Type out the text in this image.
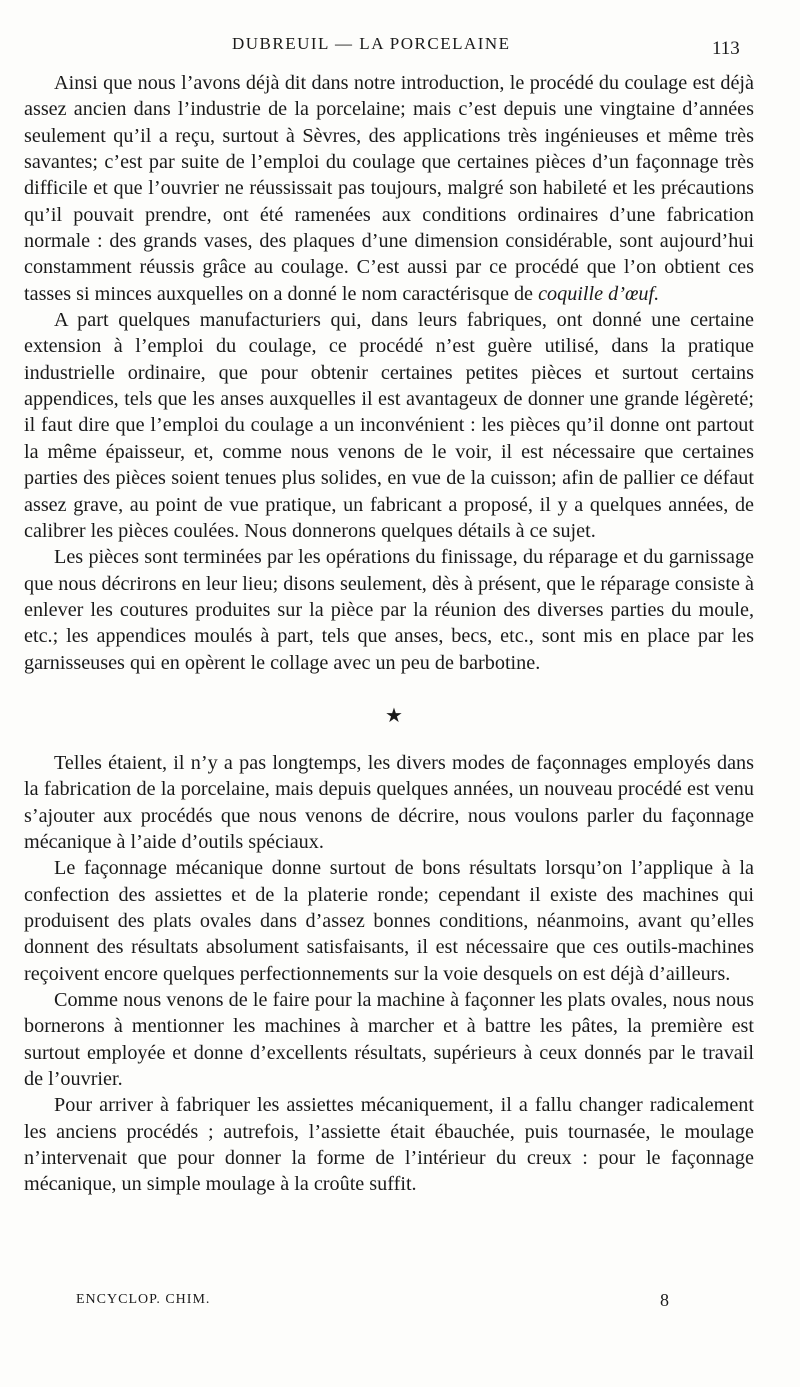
DUBREUIL — LA PORCELAINE	113

Ainsi que nous l’avons déjà dit dans notre introduction, le procédé du coulage est déjà assez ancien dans l’industrie de la porcelaine; mais c’est depuis une vingtaine d’années seulement qu’il a reçu, surtout à Sèvres, des applications très ingénieuses et même très savantes; c’est par suite de l’emploi du coulage que certaines pièces d’un façonnage très difficile et que l’ouvrier ne réussissait pas toujours, malgré son habileté et les précautions qu’il pouvait prendre, ont été ramenées aux conditions ordinaires d’une fabrication normale : des grands vases, des plaques d’une dimension considérable, sont aujourd’hui constamment réussis grâce au coulage. C’est aussi par ce procédé que l’on obtient ces tasses si minces auxquelles on a donné le nom caractérisque de coquille d’œuf.

A part quelques manufacturiers qui, dans leurs fabriques, ont donné une certaine extension à l’emploi du coulage, ce procédé n’est guère utilisé, dans la pratique industrielle ordinaire, que pour obtenir certaines petites pièces et surtout certains appendices, tels que les anses auxquelles il est avantageux de donner une grande légèreté; il faut dire que l’emploi du coulage a un inconvénient : les pièces qu’il donne ont partout la même épaisseur, et, comme nous venons de le voir, il est nécessaire que certaines parties des pièces soient tenues plus solides, en vue de la cuisson; afin de pallier ce défaut assez grave, au point de vue pratique, un fabricant a proposé, il y a quelques années, de calibrer les pièces coulées. Nous donnerons quelques détails à ce sujet.

Les pièces sont terminées par les opérations du finissage, du réparage et du garnissage que nous décrirons en leur lieu; disons seulement, dès à présent, que le réparage consiste à enlever les coutures produites sur la pièce par la réunion des diverses parties du moule, etc.; les appendices moulés à part, tels que anses, becs, etc., sont mis en place par les garnisseuses qui en opèrent le collage avec un peu de barbotine.

★

Telles étaient, il n’y a pas longtemps, les divers modes de façonnages employés dans la fabrication de la porcelaine, mais depuis quelques années, un nouveau procédé est venu s’ajouter aux procédés que nous venons de décrire, nous voulons parler du façonnage mécanique à l’aide d’outils spéciaux.

Le façonnage mécanique donne surtout de bons résultats lorsqu’on l’applique à la confection des assiettes et de la platerie ronde; cependant il existe des machines qui produisent des plats ovales dans d’assez bonnes conditions, néanmoins, avant qu’elles donnent des résultats absolument satisfaisants, il est nécessaire que ces outils-machines reçoivent encore quelques perfectionnements sur la voie desquels on est déjà d’ailleurs.

Comme nous venons de le faire pour la machine à façonner les plats ovales, nous nous bornerons à mentionner les machines à marcher et à battre les pâtes, la première est surtout employée et donne d’excellents résultats, supérieurs à ceux donnés par le travail de l’ouvrier.

Pour arriver à fabriquer les assiettes mécaniquement, il a fallu changer radicalement les anciens procédés ; autrefois, l’assiette était ébauchée, puis tournasée, le moulage n’intervenait que pour donner la forme de l’intérieur du creux : pour le façonnage mécanique, un simple moulage à la croûte suffit.

ENCYCLOP. CHIM.	8
